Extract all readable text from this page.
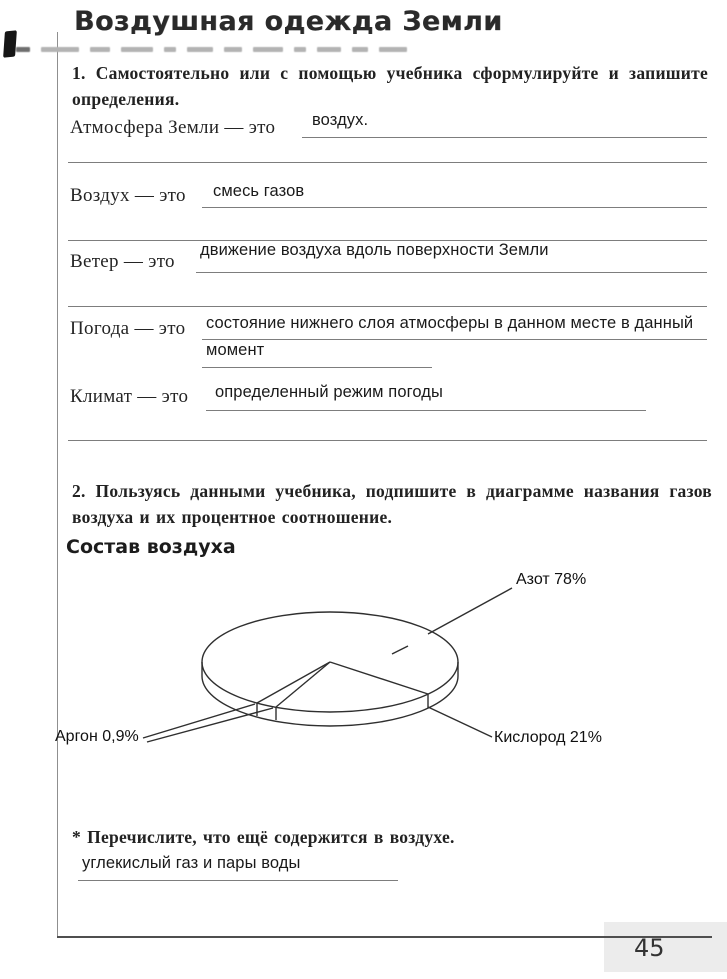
Воздушная одежда Земли

1. Самостоятельно или с помощью учебника сформулируйте и запишите определения.
Атмосфера Земли — это воздух.
Воздух — это смесь газов
Ветер — это
движение воздуха вдоль поверхности Земли
Погода — это состояние нижнего слоя атмосферы в данном месте в данный
момент
Климат — это определенный режим погоды
2. Пользуясь данными учебника, подпишите в диаграмме названия газов воздуха и их процентное соотношение.
Состав воздуха
Азот 78%
Аргон 0,9%	Кислород 21%
* Перечислите, что ещё содержится в воздухе.
углекислый газ и пары воды
45
